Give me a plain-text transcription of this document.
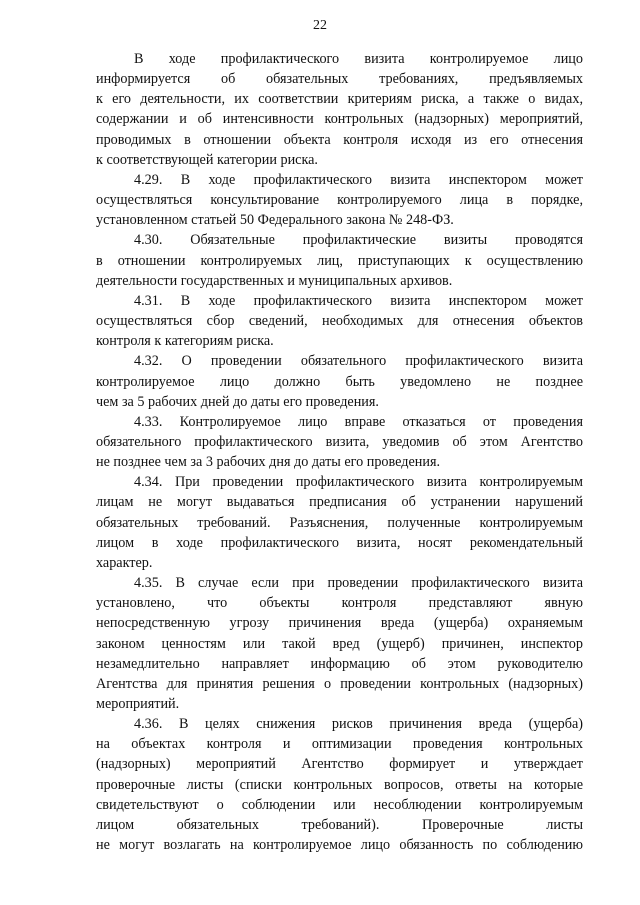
22
В ходе профилактического визита контролируемое лицо
информируется об обязательных требованиях, предъявляемых
к его деятельности, их соответствии критериям риска, а также о видах,
содержании и об интенсивности контрольных (надзорных) мероприятий,
проводимых в отношении объекта контроля исходя из его отнесения
к соответствующей категории риска.
4.29. В ходе профилактического визита инспектором может
осуществляться консультирование контролируемого лица в порядке,
установленном статьей 50 Федерального закона № 248-ФЗ.
4.30. Обязательные профилактические визиты проводятся
в отношении контролируемых лиц, приступающих к осуществлению
деятельности государственных и муниципальных архивов.
4.31. В ходе профилактического визита инспектором может
осуществляться сбор сведений, необходимых для отнесения объектов
контроля к категориям риска.
4.32. О проведении обязательного профилактического визита
контролируемое лицо должно быть уведомлено не позднее
чем за 5 рабочих дней до даты его проведения.
4.33. Контролируемое лицо вправе отказаться от проведения
обязательного профилактического визита, уведомив об этом Агентство
не позднее чем за 3 рабочих дня до даты его проведения.
4.34. При проведении профилактического визита контролируемым
лицам не могут выдаваться предписания об устранении нарушений
обязательных требований. Разъяснения, полученные контролируемым
лицом в ходе профилактического визита, носят рекомендательный
характер.
4.35. В случае если при проведении профилактического визита
установлено, что объекты контроля представляют явную
непосредственную угрозу причинения вреда (ущерба) охраняемым
законом ценностям или такой вред (ущерб) причинен, инспектор
незамедлительно направляет информацию об этом руководителю
Агентства для принятия решения о проведении контрольных (надзорных)
мероприятий.
4.36. В целях снижения рисков причинения вреда (ущерба)
на объектах контроля и оптимизации проведения контрольных
(надзорных) мероприятий Агентство формирует и утверждает
проверочные листы (списки контрольных вопросов, ответы на которые
свидетельствуют о соблюдении или несоблюдении контролируемым
лицом обязательных требований). Проверочные листы
не могут возлагать на контролируемое лицо обязанность по соблюдению
